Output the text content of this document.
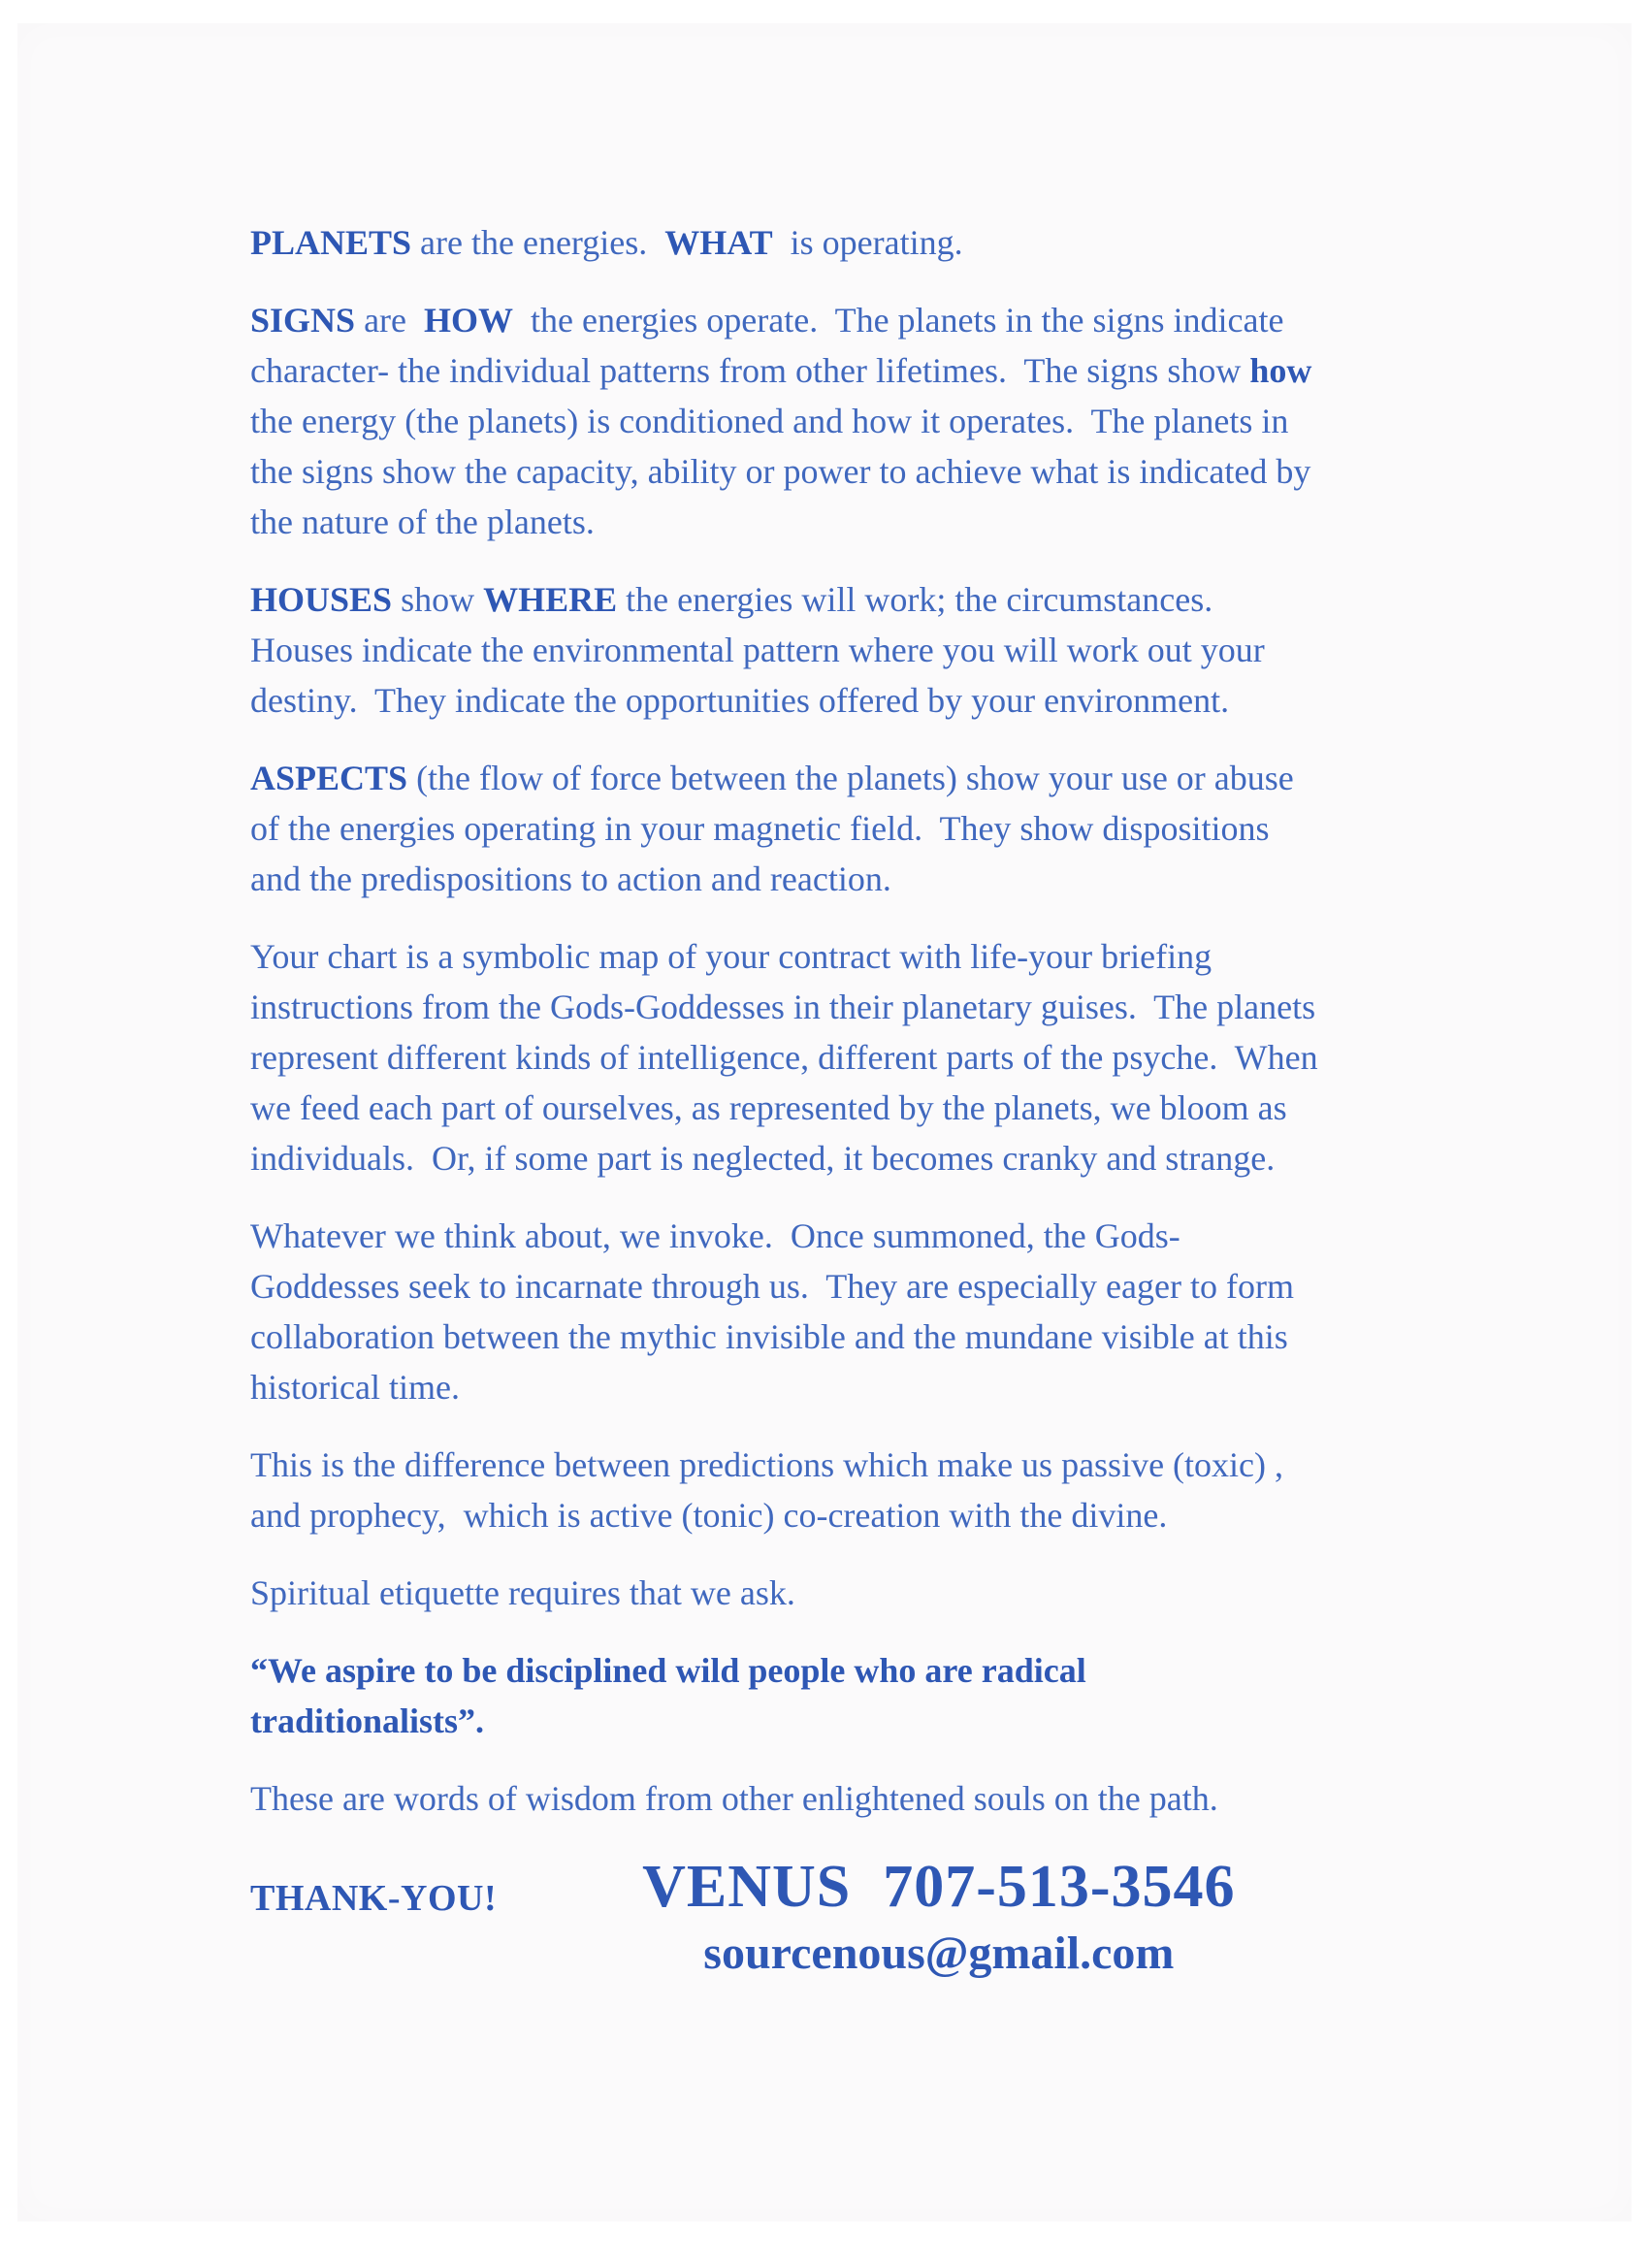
PLANETS are the energies.  WHAT  is operating.
SIGNS are  HOW  the energies operate.  The planets in the signs indicate
character- the individual patterns from other lifetimes.  The signs show how
the energy (the planets) is conditioned and how it operates.  The planets in
the signs show the capacity, ability or power to achieve what is indicated by
the nature of the planets.
HOUSES show WHERE the energies will work; the circumstances.
Houses indicate the environmental pattern where you will work out your
destiny.  They indicate the opportunities offered by your environment.
ASPECTS (the flow of force between the planets) show your use or abuse
of the energies operating in your magnetic field.  They show dispositions
and the predispositions to action and reaction.
Your chart is a symbolic map of your contract with life-your briefing
instructions from the Gods-Goddesses in their planetary guises.  The planets
represent different kinds of intelligence, different parts of the psyche.  When
we feed each part of ourselves, as represented by the planets, we bloom as
individuals.  Or, if some part is neglected, it becomes cranky and strange.
Whatever we think about, we invoke.  Once summoned, the Gods-
Goddesses seek to incarnate through us.  They are especially eager to form
collaboration between the mythic invisible and the mundane visible at this
historical time.
This is the difference between predictions which make us passive (toxic) ,
and prophecy,  which is active (tonic) co-creation with the divine.
Spiritual etiquette requires that we ask.
“We aspire to be disciplined wild people who are radical
traditionalists”.
These are words of wisdom from other enlightened souls on the path.
THANK-YOU! VENUS  707-513-3546
sourcenous@gmail.com
